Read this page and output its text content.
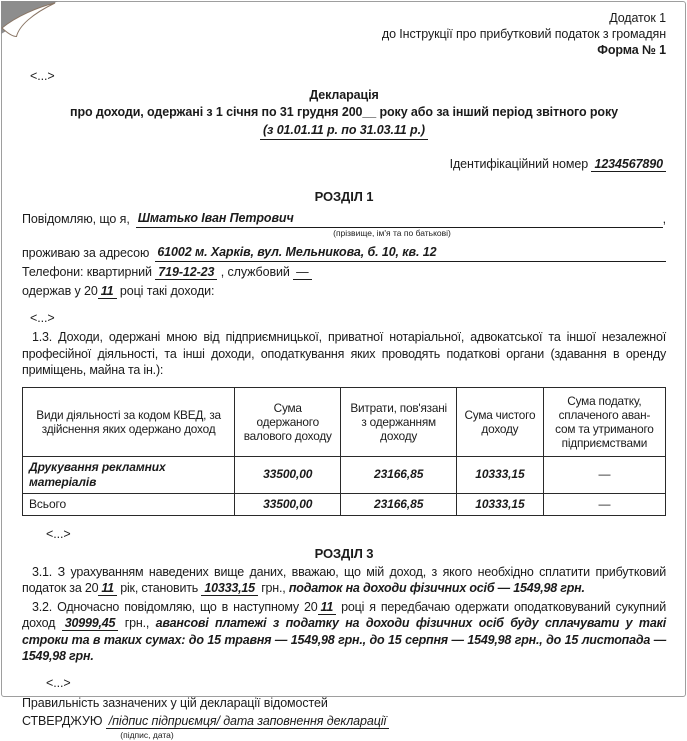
Додаток 1
до Інструкції про прибутковий податок з громадян
Форма № 1
<...>
Декларація
про доходи, одержані з 1 січня по 31 грудня 200__ року або за інший період звітного року
(з 01.01.11 р. по 31.03.11 р.)
Ідентифікаційний номер 1234567890
РОЗДІЛ 1
Повідомляю, що я, Шматько Іван Петрович	,
(прізвище, ім'я та по батькові)
проживаю за адресою 61002 м. Харків, вул. Мельникова, б. 10, кв. 12
Телефони: квартирний 719-12-23 , службовий —
одержав у 20 11 році такі доходи:
<...>
1.3. Доходи, одержані мною від підприємницької, приватної нотаріальної, адвокатської та іншої незалежної професійної діяльності, та інші доходи, оподаткування яких проводять податкові органи (здавання в оренду приміщень, майна та ін.):
Види діяльності за кодом КВЕД, за здійснення яких одержано доход	Сума одержаного валового доходу	Витрати, пов'язані з одержанням доходу	Сума чистого доходу	Сума податку, сплаченого аван-сом та утриманого підприємствами
Друкування рекламних матеріалів	33500,00	23166,85	10333,15	—
Всього	33500,00	23166,85	10333,15	—
<...>
РОЗДІЛ 3
3.1. З урахуванням наведених вище даних, вважаю, що мій доход, з якого необхідно сплатити прибутковий податок за 20 11 рік, становить 10333,15 грн., податок на доходи фізичних осіб — 1549,98 грн.
3.2. Одночасно повідомляю, що в наступному 20 11 році я передбачаю одержати оподатковуваний сукупний доход 30999,45 грн., авансові платежі з податку на доходи фізичних осіб буду сплачувати у такі строки та в таких сумах: до 15 травня — 1549,98 грн., до 15 серпня — 1549,98 грн., до 15 листопада — 1549,98 грн.
<...>
Правильність зазначених у цій декларації відомостей
СТВЕРДЖУЮ /підпис підприємця/ дата заповнення декларації
(підпис, дата)
